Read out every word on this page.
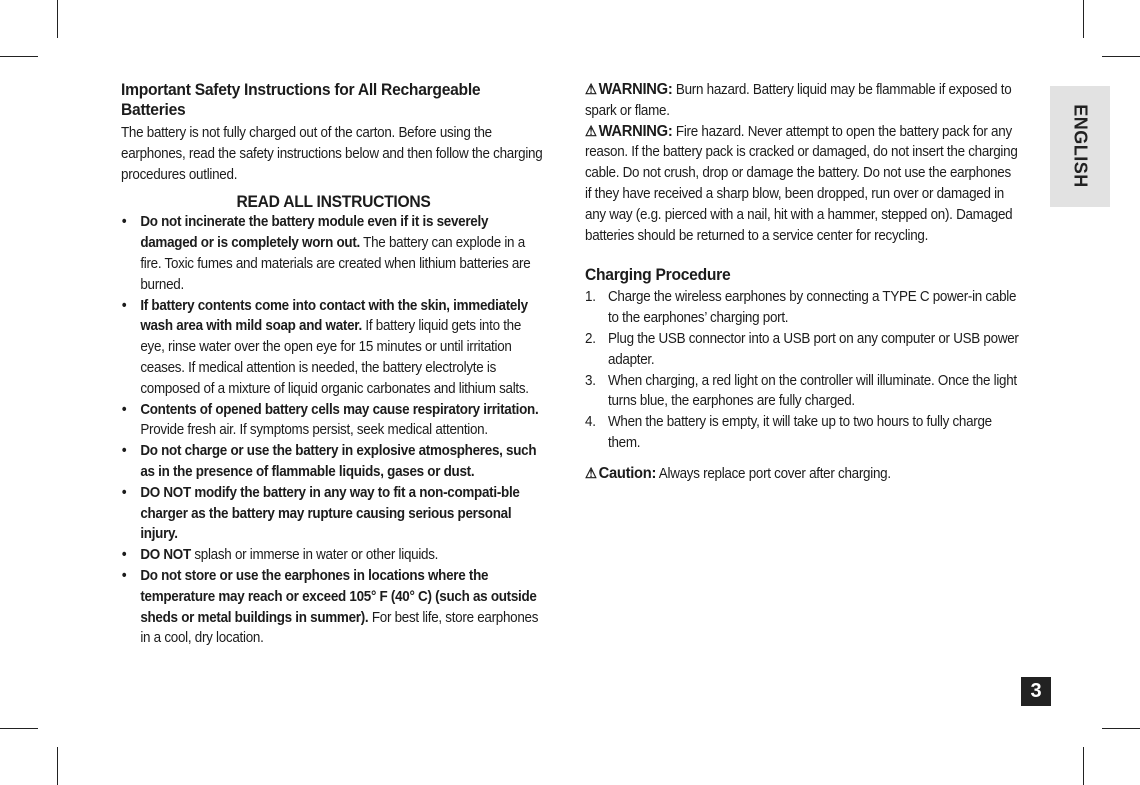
Important Safety Instructions for All Rechargeable Batteries

The battery is not fully charged out of the carton. Before using the earphones, read the safety instructions below and then follow the charging procedures outlined.

READ ALL INSTRUCTIONS
• Do not incinerate the battery module even if it is severely damaged or is completely worn out. The battery can explode in a fire. Toxic fumes and materials are created when lithium batteries are burned.
• If battery contents come into contact with the skin, immediately wash area with mild soap and water. If battery liquid gets into the eye, rinse water over the open eye for 15 minutes or until irritation ceases. If medical attention is needed, the battery electrolyte is composed of a mixture of liquid organic carbonates and lithium salts.
• Contents of opened battery cells may cause respiratory irritation. Provide fresh air. If symptoms persist, seek medical attention.
• Do not charge or use the battery in explosive atmospheres, such as in the presence of flammable liquids, gases or dust.
• DO NOT modify the battery in any way to fit a non-compati-ble charger as the battery may rupture causing serious personal injury.
• DO NOT splash or immerse in water or other liquids.
• Do not store or use the earphones in locations where the temperature may reach or exceed 105° F (40° C) (such as outside sheds or metal buildings in summer). For best life, store earphones in a cool, dry location.

⚠ WARNING: Burn hazard. Battery liquid may be flammable if exposed to spark or flame.

⚠ WARNING: Fire hazard. Never attempt to open the battery pack for any reason. If the battery pack is cracked or damaged, do not insert the charging cable. Do not crush, drop or damage the battery. Do not use the earphones if they have received a sharp blow, been dropped, run over or damaged in any way (e.g. pierced with a nail, hit with a hammer, stepped on). Damaged batteries should be returned to a service center for recycling.

Charging Procedure
1. Charge the wireless earphones by connecting a TYPE C power-in cable to the earphones’ charging port.
2. Plug the USB connector into a USB port on any computer or USB power adapter.
3. When charging, a red light on the controller will illuminate. Once the light turns blue, the earphones are fully charged.
4. When the battery is empty, it will take up to two hours to fully charge them.

⚠ Caution: Always replace port cover after charging.

ENGLISH
3
